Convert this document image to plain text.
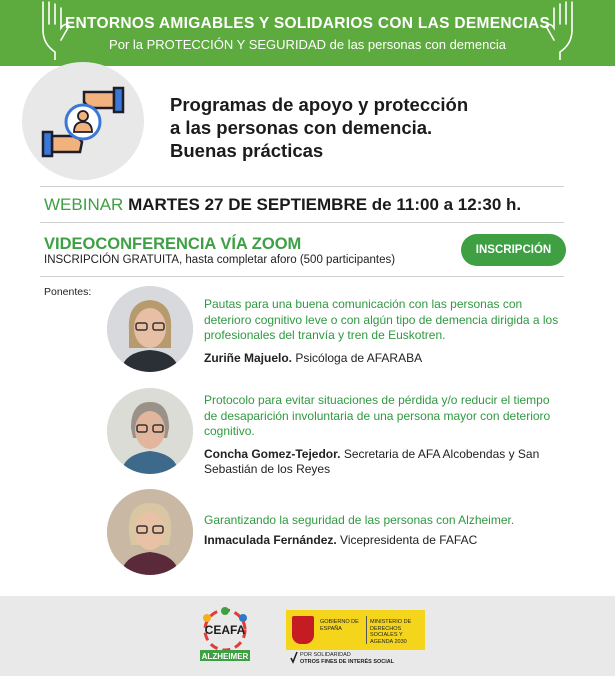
ENTORNOS AMIGABLES Y SOLIDARIOS CON LAS DEMENCIAS
Por la PROTECCIÓN Y SEGURIDAD de las personas con demencia
Programas de apoyo y protección
a las personas con demencia.
Buenas prácticas
WEBINAR MARTES 27 DE SEPTIEMBRE de 11:00 a 12:30 h.
VIDEOCONFERENCIA VÍA ZOOM
INSCRIPCIÓN GRATUITA, hasta completar aforo (500 participantes)
INSCRIPCIÓN
Ponentes:
Pautas para una buena comunicación con las personas con deterioro cognitivo leve o con algún tipo de demencia dirigida a los profesionales del tranvía y tren de Euskotren.
Zuriñe Majuelo. Psicóloga de AFARABA
Protocolo para evitar situaciones de pérdida y/o reducir el tiempo de desaparición involuntaria de una persona mayor con deterioro cognitivo.
Concha Gomez-Tejedor. Secretaria de AFA Alcobendas y San Sebastián de los Reyes
Garantizando la seguridad de las personas con Alzheimer.
Inmaculada Fernández. Vicepresidenta de FAFAC
CEAFA
ALZHEIMER
GOBIERNO DE ESPAÑA
MINISTERIO DE DERECHOS SOCIALES Y AGENDA 2030
POR SOLIDARIDAD
OTROS FINES DE INTERÉS SOCIAL
